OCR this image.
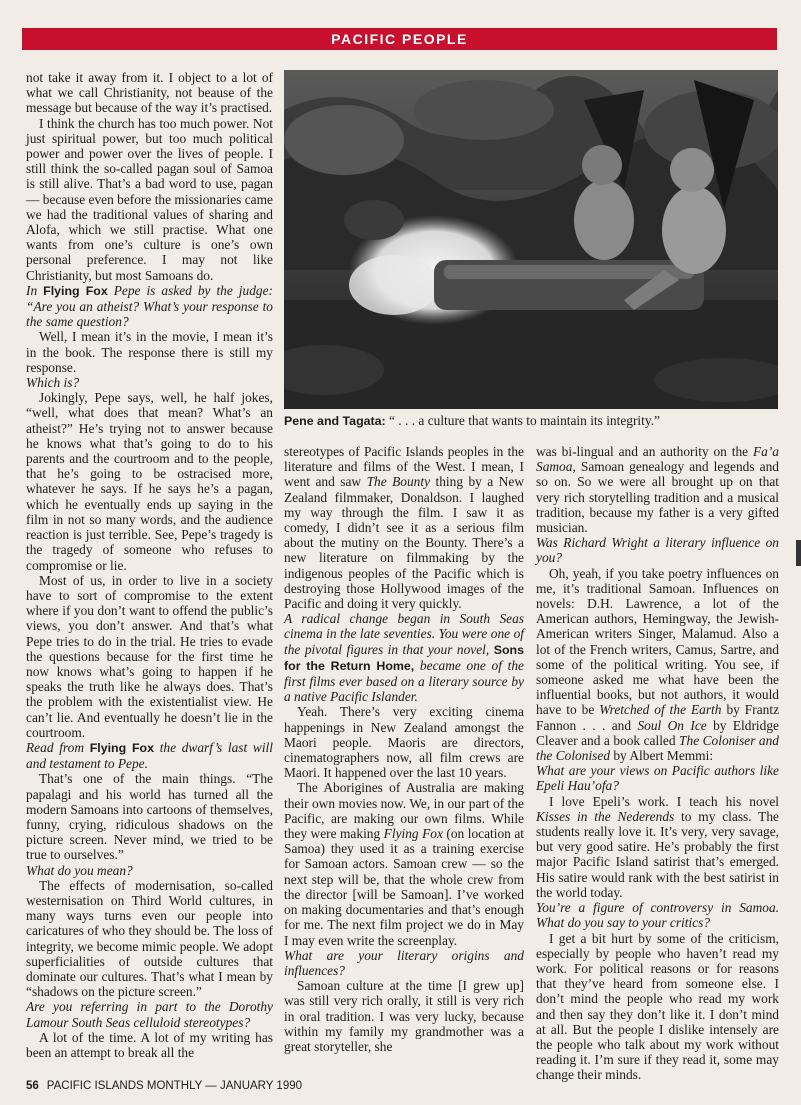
PACIFIC PEOPLE

not take it away from it. I object to a lot of what we call Christianity, not beause of the message but because of the way it’s practised.

I think the church has too much power. Not just spiritual power, but too much political power and power over the lives of people. I still think the so-called pagan soul of Samoa is still alive. That’s a bad word to use, pagan — because even before the missionaries came we had the traditional values of sharing and Alofa, which we still practise. What one wants from one’s culture is one’s own personal preference. I may not like Christianity, but most Samoans do.

In Flying Fox Pepe is asked by the judge: “Are you an atheist? What’s your response to the same question?

Well, I mean it’s in the movie, I mean it’s in the book. The response there is still my response.

Which is?

Jokingly, Pepe says, well, he half jokes, “well, what does that mean? What’s an atheist?” He’s trying not to answer because he knows what that’s going to do to his parents and the courtroom and to the people, that he’s going to be ostracised more, whatever he says. If he says he’s a pagan, which he eventually ends up saying in the film in not so many words, and the audience reaction is just terrible. See, Pepe’s tragedy is the tragedy of someone who refuses to compromise or lie.

Most of us, in order to live in a society have to sort of compromise to the extent where if you don’t want to offend the public’s views, you don’t answer. And that’s what Pepe tries to do in the trial. He tries to evade the questions because for the first time he now knows what’s going to happen if he speaks the truth like he always does. That’s the problem with the existentialist view. He can’t lie. And eventually he doesn’t lie in the courtroom.

Read from Flying Fox the dwarf’s last will and testament to Pepe.

That’s one of the main things. “The papalagi and his world has turned all the modern Samoans into cartoons of themselves, funny, crying, ridiculous shadows on the picture screen. Never mind, we tried to be true to ourselves.”

What do you mean?

The effects of modernisation, so-called westernisation on Third World cultures, in many ways turns even our people into caricatures of who they should be. The loss of integrity, we become mimic people. We adopt superficialities of outside cultures that dominate our cultures. That’s what I mean by “shadows on the picture screen.”

Are you referring in part to the Dorothy Lamour South Seas celluloid stereotypes?

A lot of the time. A lot of my writing has been an attempt to break all the

Pene and Tagata: “ . . . a culture that wants to maintain its integrity.”

stereotypes of Pacific Islands peoples in the literature and films of the West. I mean, I went and saw The Bounty thing by a New Zealand filmmaker, Donaldson. I laughed my way through the film. I saw it as comedy, I didn’t see it as a serious film about the mutiny on the Bounty. There’s a new literature on filmmaking by the indigenous peoples of the Pacific which is destroying those Hollywood images of the Pacific and doing it very quickly.

A radical change began in South Seas cinema in the late seventies. You were one of the pivotal figures in that your novel, Sons for the Return Home, became one of the first films ever based on a literary source by a native Pacific Islander.

Yeah. There’s very exciting cinema happenings in New Zealand amongst the Maori people. Maoris are directors, cinematographers now, all film crews are Maori. It happened over the last 10 years.

The Aborigines of Australia are making their own movies now. We, in our part of the Pacific, are making our own films. While they were making Flying Fox (on location at Samoa) they used it as a training exercise for Samoan actors. Samoan crew — so the next step will be, that the whole crew from the director [will be Samoan]. I’ve worked on making documentaries and that’s enough for me. The next film project we do in May I may even write the screenplay.

What are your literary origins and influences?

Samoan culture at the time [I grew up] was still very rich orally, it still is very rich in oral tradition. I was very lucky, because within my family my grandmother was a great storyteller, she

was bi-lingual and an authority on the Fa’a Samoa, Samoan genealogy and legends and so on. So we were all brought up on that very rich storytelling tradition and a musical tradition, because my father is a very gifted musician.

Was Richard Wright a literary influence on you?

Oh, yeah, if you take poetry influences on me, it’s traditional Samoan. Influences on novels: D.H. Lawrence, a lot of the American authors, Hemingway, the Jewish-American writers Singer, Malamud. Also a lot of the French writers, Camus, Sartre, and some of the political writing. You see, if someone asked me what have been the influential books, but not authors, it would have to be Wretched of the Earth by Frantz Fannon . . . and Soul On Ice by Eldridge Cleaver and a book called The Coloniser and the Colonised by Albert Memmi:

What are your views on Pacific authors like Epeli Hau’ofa?

I love Epeli’s work. I teach his novel Kisses in the Nederends to my class. The students really love it. It’s very, very savage, but very good satire. He’s probably the first major Pacific Island satirist that’s emerged. His satire would rank with the best satirist in the world today.

You’re a figure of controversy in Samoa. What do you say to your critics?

I get a bit hurt by some of the criticism, especially by people who haven’t read my work. For political reasons or for reasons that they’ve heard from someone else. I don’t mind the people who read my work and then say they don’t like it. I don’t mind at all. But the people I dislike intensely are the people who talk about my work without reading it. I’m sure if they read it, some may change their minds.

56 PACIFIC ISLANDS MONTHLY — JANUARY 1990
